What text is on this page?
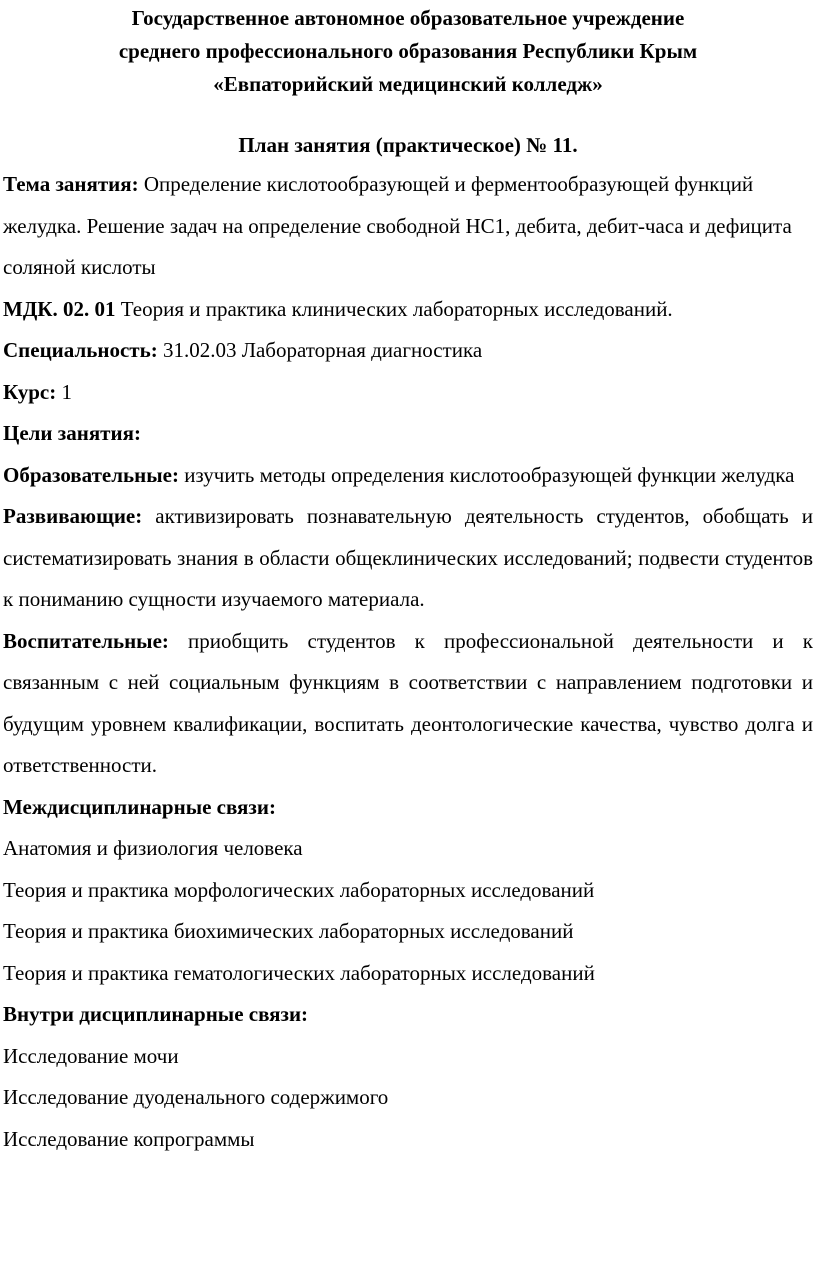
Государственное автономное образовательное учреждение
среднего профессионального образования Республики Крым
«Евпаторийский медицинский колледж»
План занятия (практическое) № 11.

Тема занятия: Определение кислотообразующей и ферментообразующей функций желудка. Решение задач на определение свободной НС1, дебита, дебит-часа и дефицита соляной кислоты

МДК. 02. 01 Теория и практика клинических лабораторных исследований.

Специальность: 31.02.03 Лабораторная диагностика

Курс: 1

Цели занятия:

Образовательные: изучить методы определения кислотообразующей функции желудка

Развивающие: активизировать познавательную деятельность студентов, обобщать и систематизировать знания в области общеклинических исследований; подвести студентов к пониманию сущности изучаемого материала.

Воспитательные: приобщить студентов к профессиональной деятельности и к связанным с ней социальным функциям в соответствии с направлением подготовки и будущим уровнем квалификации, воспитать деонтологические качества, чувство долга и ответственности.

Междисциплинарные связи:

Анатомия и физиология человека

Теория и практика морфологических лабораторных исследований

Теория и практика биохимических лабораторных исследований

Теория и практика гематологических лабораторных исследований

Внутри дисциплинарные связи:

Исследование мочи

Исследование дуоденального содержимого

Исследование копрограммы
